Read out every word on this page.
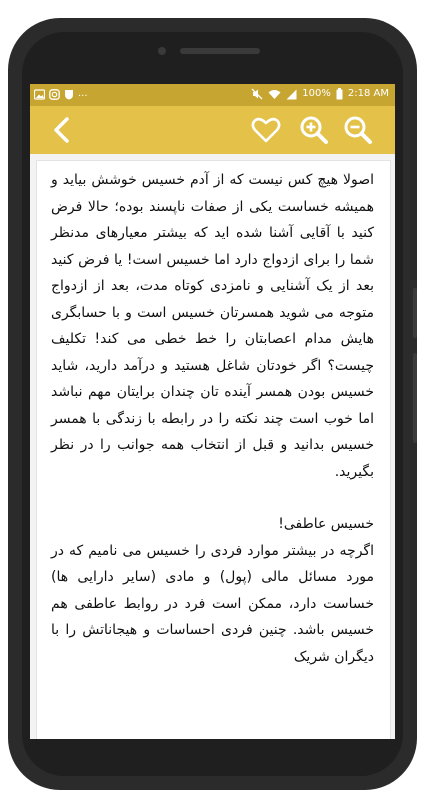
...	100% 2:18 AM

اصولا هیچ کس نیست که از آدم خسیس خوشش بیاید و همیشه خساست یکی از صفات ناپسند بوده؛ حالا فرض کنید با آقایی آشنا شده اید که بیشتر معیارهای مدنظر شما را برای ازدواج دارد اما خسیس است! یا فرض کنید بعد از یک آشنایی و نامزدی کوتاه مدت، بعد از ازدواج متوجه می شوید همسرتان خسیس است و با حسابگری هایش مدام اعصابتان را خط خطی می کند! تکلیف چیست؟ اگر خودتان شاغل هستید و درآمد دارید، شاید خسیس بودن همسر آینده تان چندان برایتان مهم نباشد اما خوب است چند نکته را در رابطه با زندگی با همسر خسیس بدانید و قبل از انتخاب همه جوانب را در نظر بگیرید.

خسیس عاطفی!

اگرچه در بیشتر موارد فردی را خسیس می نامیم که در مورد مسائل مالی (پول) و مادی (سایر دارایی ها) خساست دارد، ممکن است فرد در روابط عاطفی هم خسیس باشد. چنین فردی احساسات و هیجاناتش را با دیگران شریک
